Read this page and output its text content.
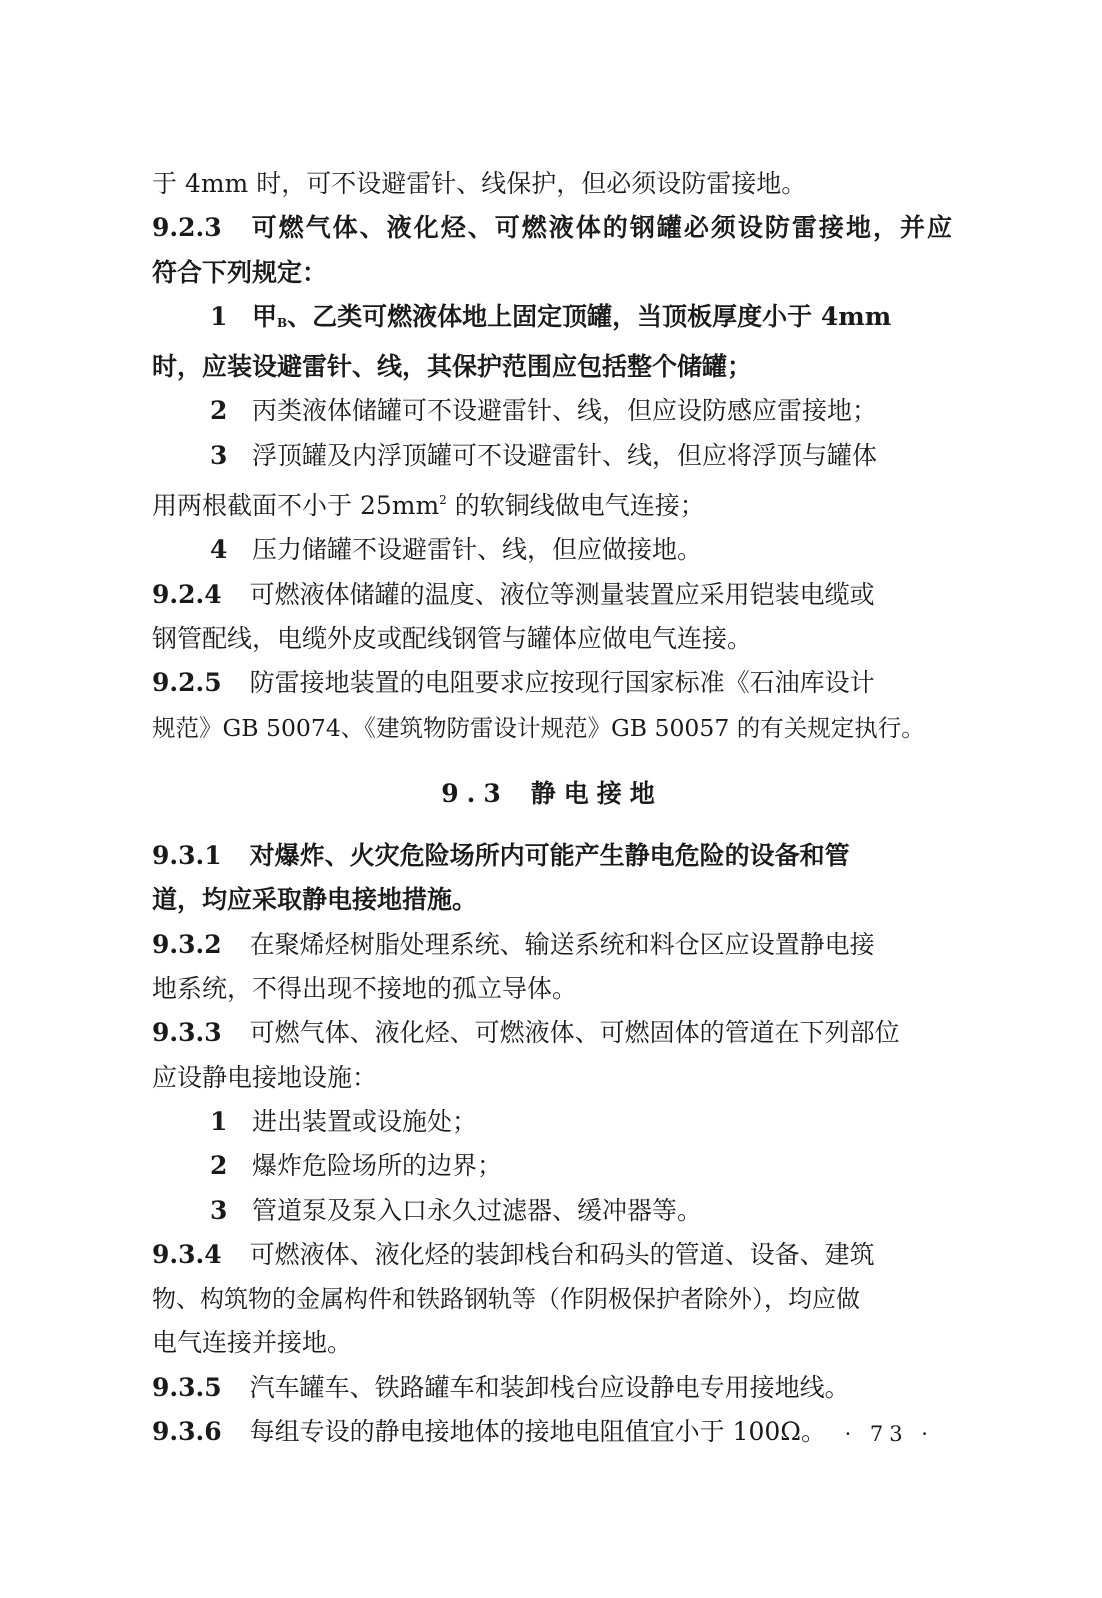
于 4mm 时，可不设避雷针、线保护，但必须设防雷接地。
9.2.3 可燃气体、液化烃、可燃液体的钢罐必须设防雷接地，并应
符合下列规定：
1 甲$_B$、乙类可燃液体地上固定顶罐，当顶板厚度小于 4mm
时，应装设避雷针、线，其保护范围应包括整个储罐；
2 丙类液体储罐可不设避雷针、线，但应设防感应雷接地；
3 浮顶罐及内浮顶罐可不设避雷针、线，但应将浮顶与罐体
用两根截面不小于 $25mm^2$ 的软铜线做电气连接；
4 压力储罐不设避雷针、线，但应做接地。
9.2.4 可燃液体储罐的温度、液位等测量装置应采用铠装电缆或
钢管配线，电缆外皮或配线钢管与罐体应做电气连接。
9.2.5 防雷接地装置的电阻要求应按现行国家标准《石油库设计
规范》GB 50074、《建筑物防雷设计规范》GB 50057 的有关规定执行。
9.3 静电接地
9.3.1 对爆炸、火灾危险场所内可能产生静电危险的设备和管
道，均应采取静电接地措施。
9.3.2 在聚烯烃树脂处理系统、输送系统和料仓区应设置静电接
地系统，不得出现不接地的孤立导体。
9.3.3 可燃气体、液化烃、可燃液体、可燃固体的管道在下列部位
应设静电接地设施：
1 进出装置或设施处；
2 爆炸危险场所的边界；
3 管道泵及泵入口永久过滤器、缓冲器等。
9.3.4 可燃液体、液化烃的装卸栈台和码头的管道、设备、建筑
物、构筑物的金属构件和铁路钢轨等（作阴极保护者除外），均应做
电气连接并接地。
9.3.5 汽车罐车、铁路罐车和装卸栈台应设静电专用接地线。
9.3.6 每组专设的静电接地体的接地电阻值宜小于 100Ω。 · 73 ·
